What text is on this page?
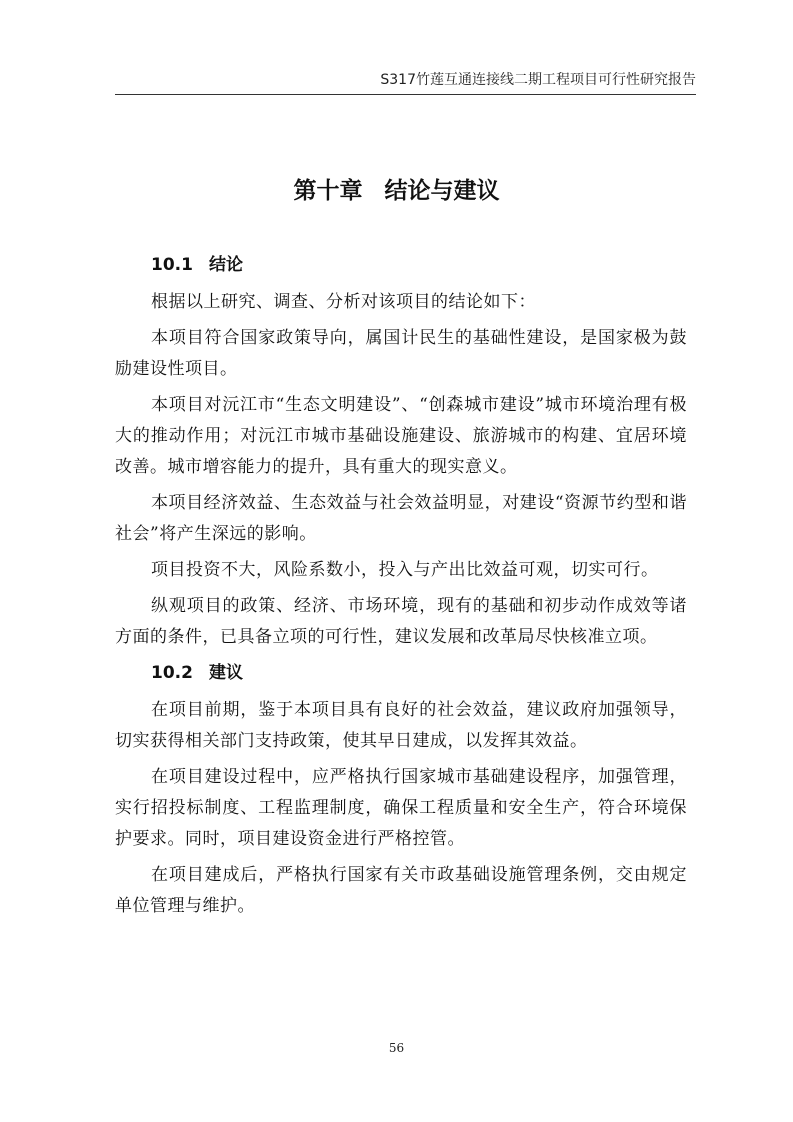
S317竹莲互通连接线二期工程项目可行性研究报告
第十章 结论与建议
10.1 结论

根据以上研究、调查、分析对该项目的结论如下：

本项目符合国家政策导向，属国计民生的基础性建设，是国家极为鼓励建设性项目。

本项目对沅江市“生态文明建设”、“创森城市建设”城市环境治理有极大的推动作用；对沅江市城市基础设施建设、旅游城市的构建、宜居环境改善。城市增容能力的提升，具有重大的现实意义。

本项目经济效益、生态效益与社会效益明显，对建设“资源节约型和谐社会”将产生深远的影响。

项目投资不大，风险系数小，投入与产出比效益可观，切实可行。

纵观项目的政策、经济、市场环境，现有的基础和初步动作成效等诸方面的条件，已具备立项的可行性，建议发展和改革局尽快核准立项。

10.2 建议

在项目前期，鉴于本项目具有良好的社会效益，建议政府加强领导，切实获得相关部门支持政策，使其早日建成，以发挥其效益。

在项目建设过程中，应严格执行国家城市基础建设程序，加强管理，实行招投标制度、工程监理制度，确保工程质量和安全生产，符合环境保护要求。同时，项目建设资金进行严格控管。

在项目建成后，严格执行国家有关市政基础设施管理条例，交由规定单位管理与维护。

56
